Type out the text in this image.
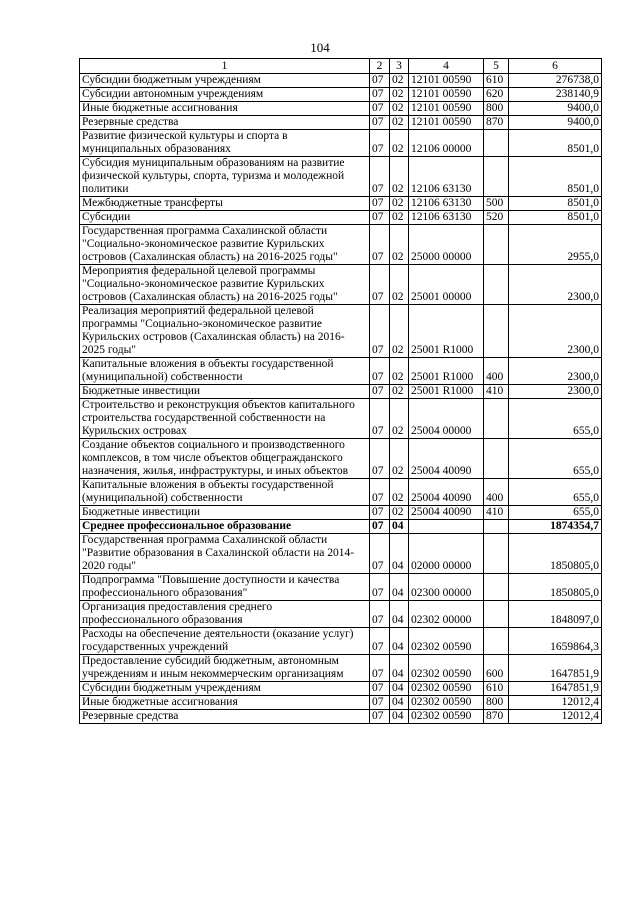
104
1	2	3	4	5	6
Субсидии бюджетным учреждениям	07	02	12101 00590	610	276738,0
Субсидии автономным учреждениям	07	02	12101 00590	620	238140,9
Иные бюджетные ассигнования	07	02	12101 00590	800	9400,0
Резервные средства	07	02	12101 00590	870	9400,0
Развитие физической культуры и спорта в муниципальных образованиях	07	02	12106 00000		8501,0
Субсидия муниципальным образованиям на развитие физической культуры, спорта, туризма и молодежной политики	07	02	12106 63130		8501,0
Межбюджетные трансферты	07	02	12106 63130	500	8501,0
Субсидии	07	02	12106 63130	520	8501,0
Государственная программа Сахалинской области "Социально-экономическое развитие Курильских островов (Сахалинская область) на 2016-2025 годы"	07	02	25000 00000		2955,0
Мероприятия федеральной целевой программы "Социально-экономическое развитие Курильских островов (Сахалинская область) на 2016-2025 годы"	07	02	25001 00000		2300,0
Реализация мероприятий федеральной целевой программы "Социально-экономическое развитие Курильских островов (Сахалинская область) на 2016-2025 годы"	07	02	25001 R1000		2300,0
Капитальные вложения в объекты государственной (муниципальной) собственности	07	02	25001 R1000	400	2300,0
Бюджетные инвестиции	07	02	25001 R1000	410	2300,0
Строительство и реконструкция объектов капитального строительства государственной собственности на Курильских островах	07	02	25004 00000		655,0
Создание объектов социального и производственного комплексов, в том числе объектов общегражданского назначения, жилья, инфраструктуры, и иных объектов	07	02	25004 40090		655,0
Капитальные вложения в объекты государственной (муниципальной) собственности	07	02	25004 40090	400	655,0
Бюджетные инвестиции	07	02	25004 40090	410	655,0
Среднее профессиональное образование	07	04			1874354,7
Государственная программа Сахалинской области "Развитие образования в Сахалинской области на 2014-2020 годы"	07	04	02000 00000		1850805,0
Подпрограмма "Повышение доступности и качества профессионального образования"	07	04	02300 00000		1850805,0
Организация предоставления среднего профессионального образования	07	04	02302 00000		1848097,0
Расходы на обеспечение деятельности (оказание услуг) государственных учреждений	07	04	02302 00590		1659864,3
Предоставление субсидий бюджетным, автономным учреждениям и иным некоммерческим организациям	07	04	02302 00590	600	1647851,9
Субсидии бюджетным учреждениям	07	04	02302 00590	610	1647851,9
Иные бюджетные ассигнования	07	04	02302 00590	800	12012,4
Резервные средства	07	04	02302 00590	870	12012,4
